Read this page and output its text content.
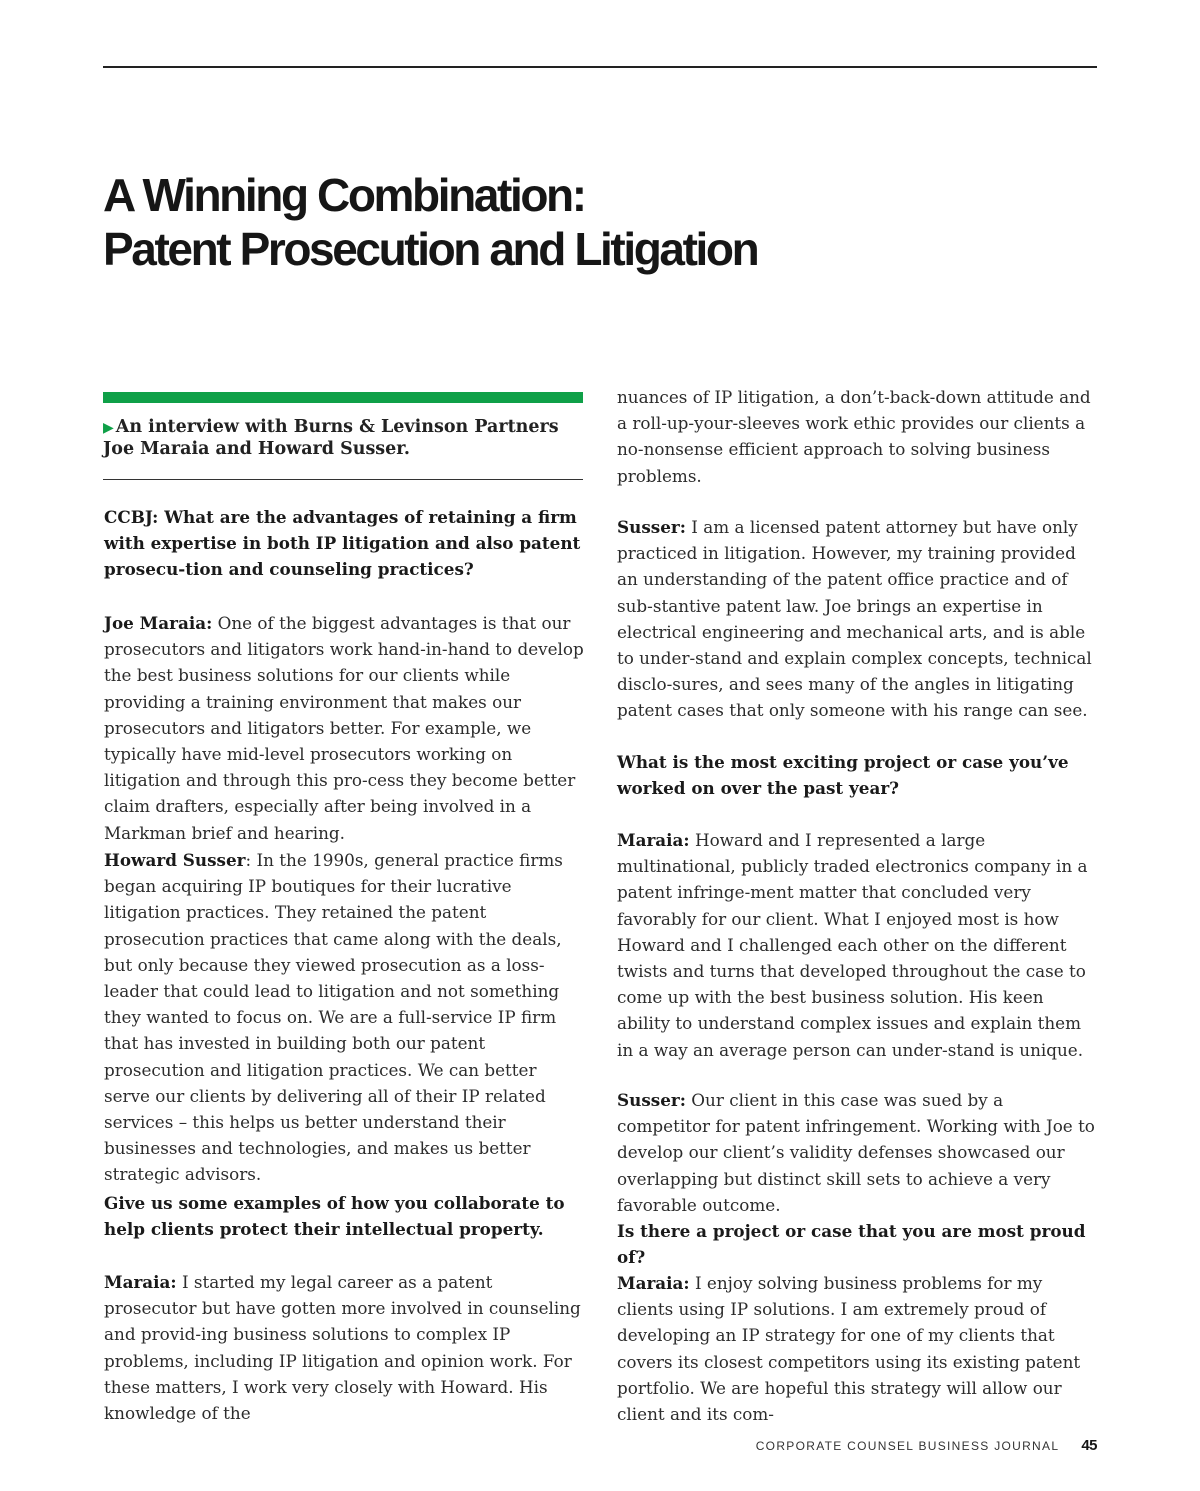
A Winning Combination:
Patent Prosecution and Litigation

▶ An interview with Burns & Levinson Partners Joe Maraia and Howard Susser.

CCBJ: What are the advantages of retaining a firm with expertise in both IP litigation and also patent prosecu-tion and counseling practices?

Joe Maraia: One of the biggest advantages is that our prosecutors and litigators work hand-in-hand to develop the best business solutions for our clients while providing a training environment that makes our prosecutors and litigators better. For example, we typically have mid-level prosecutors working on litigation and through this pro-cess they become better claim drafters, especially after being involved in a Markman brief and hearing.

Howard Susser: In the 1990s, general practice firms began acquiring IP boutiques for their lucrative litigation practices. They retained the patent prosecution practices that came along with the deals, but only because they viewed prosecution as a loss-leader that could lead to litigation and not something they wanted to focus on. We are a full-service IP firm that has invested in building both our patent prosecution and litigation practices. We can better serve our clients by delivering all of their IP related services – this helps us better understand their businesses and technologies, and makes us better strategic advisors.

Give us some examples of how you collaborate to help clients protect their intellectual property.

Maraia: I started my legal career as a patent prosecutor but have gotten more involved in counseling and provid-ing business solutions to complex IP problems, including IP litigation and opinion work. For these matters, I work very closely with Howard. His knowledge of the

nuances of IP litigation, a don’t-back-down attitude and a roll-up-your-sleeves work ethic provides our clients a no-nonsense efficient approach to solving business problems.

Susser: I am a licensed patent attorney but have only practiced in litigation. However, my training provided an understanding of the patent office practice and of sub-stantive patent law. Joe brings an expertise in electrical engineering and mechanical arts, and is able to under-stand and explain complex concepts, technical disclo-sures, and sees many of the angles in litigating patent cases that only someone with his range can see.

What is the most exciting project or case you’ve worked on over the past year?

Maraia: Howard and I represented a large multinational, publicly traded electronics company in a patent infringe-ment matter that concluded very favorably for our client. What I enjoyed most is how Howard and I challenged each other on the different twists and turns that developed throughout the case to come up with the best business solution. His keen ability to understand complex issues and explain them in a way an average person can under-stand is unique.

Susser: Our client in this case was sued by a competitor for patent infringement. Working with Joe to develop our client’s validity defenses showcased our overlapping but distinct skill sets to achieve a very favorable outcome.

Is there a project or case that you are most proud of?

Maraia: I enjoy solving business problems for my clients using IP solutions. I am extremely proud of developing an IP strategy for one of my clients that covers its closest competitors using its existing patent portfolio. We are hopeful this strategy will allow our client and its com-

CORPORATE COUNSEL BUSINESS JOURNAL 45
